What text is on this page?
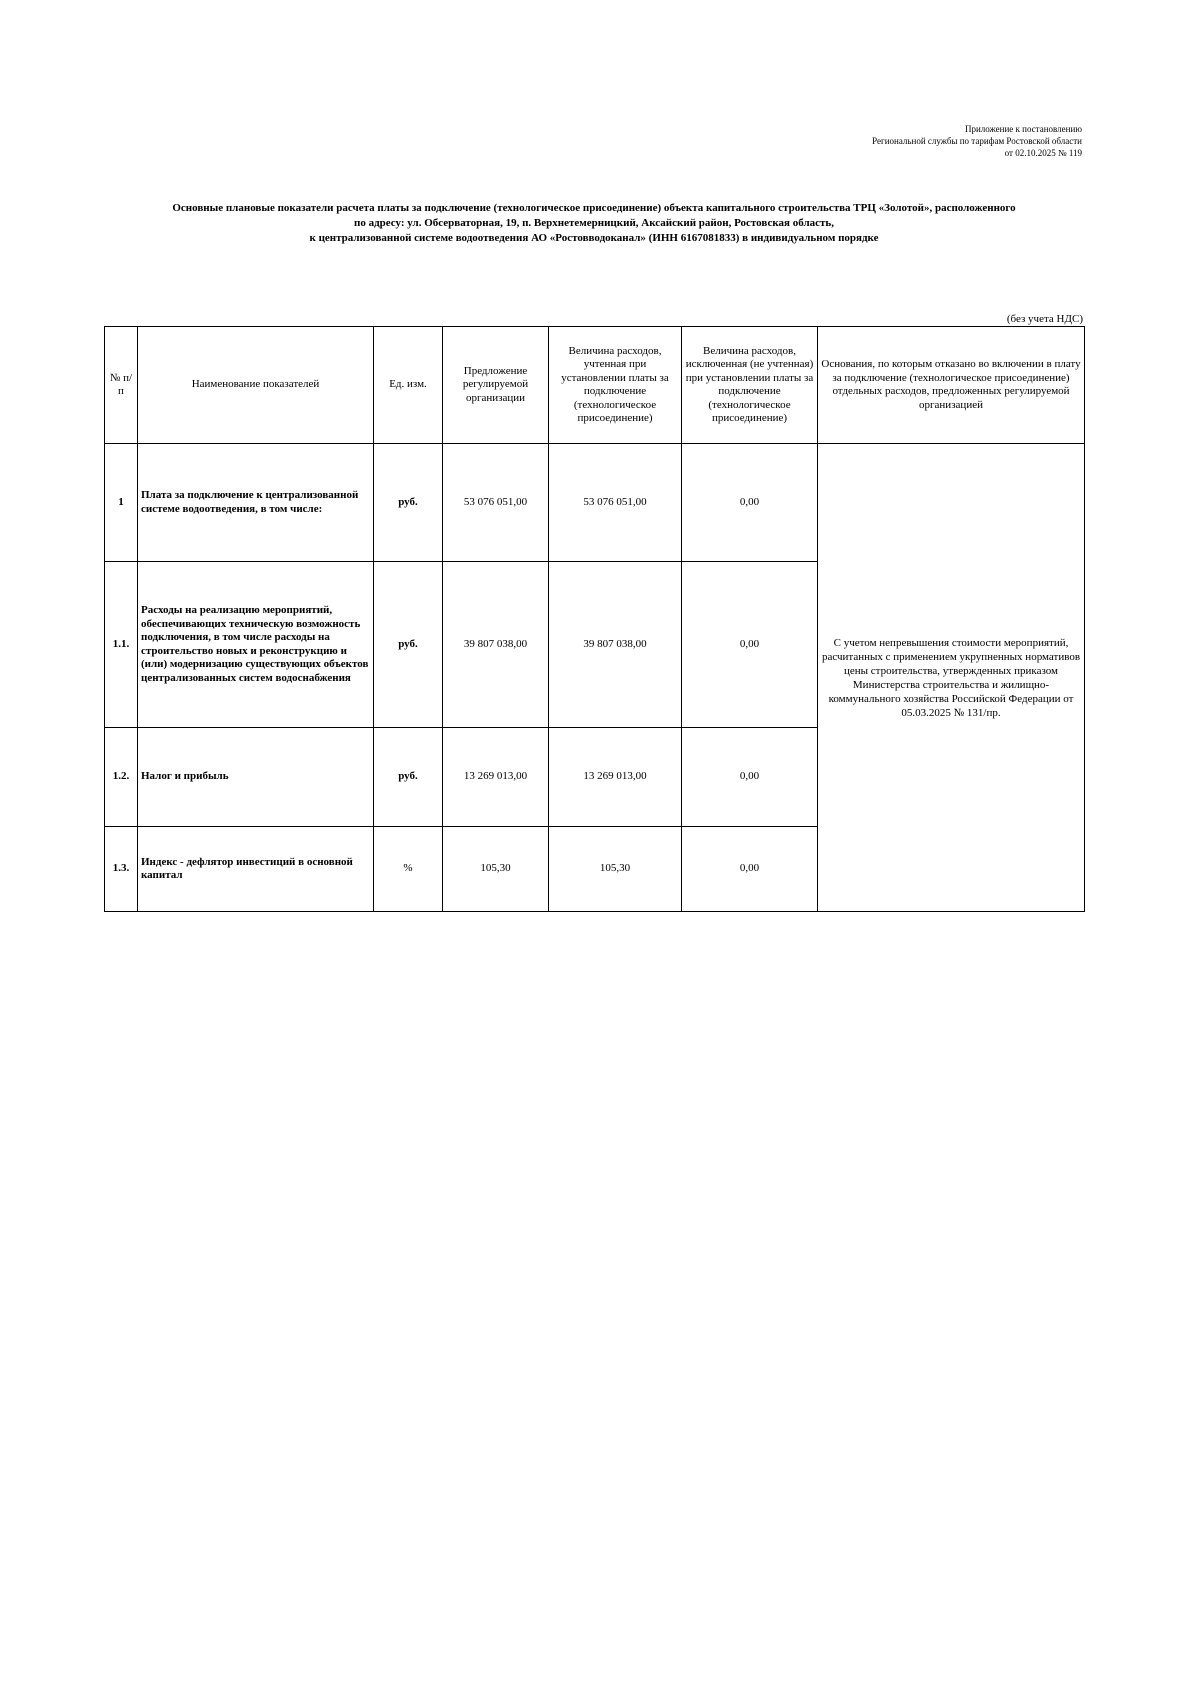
Приложение к постановлению
Региональной службы по тарифам Ростовской области
от 02.10.2025 № 119
Основные плановые показатели расчета платы за подключение (технологическое присоединение) объекта капитального строительства ТРЦ «Золотой», расположенного
по адресу: ул. Обсерваторная, 19, п. Верхнетемерницкий, Аксайский район, Ростовская область,
к централизованной системе водоотведения АО «Ростовводоканал» (ИНН 6167081833) в индивидуальном порядке
(без учета НДС)
№ п/п	Наименование показателей	Ед. изм.	Предложение регулируемой организации	Величина расходов, учтенная при установлении платы за подключение (технологическое присоединение)	Величина расходов, исключенная (не учтенная) при установлении платы за подключение (технологическое присоединение)	Основания, по которым отказано во включении в плату за подключение (технологическое присоединение) отдельных расходов, предложенных регулируемой организацией
1	Плата за подключение к централизованной системе водоотведения, в том числе:	руб.	53 076 051,00	53 076 051,00	0,00	С учетом непревышения стоимости мероприятий, расчитанных с применением укрупненных нормативов цены строительства, утвержденных приказом Министерства строительства и жилищно-коммунального хозяйства Российской Федерации от 05.03.2025 № 131/пр.
1.1.	Расходы на реализацию мероприятий, обеспечивающих техническую возможность подключения, в том числе расходы на строительство новых и реконструкцию и (или) модернизацию существующих объектов централизованных систем водоснабжения	руб.	39 807 038,00	39 807 038,00	0,00	
1.2.	Налог и прибыль	руб.	13 269 013,00	13 269 013,00	0,00	
1.3.	Индекс - дефлятор инвестиций в основной капитал	%	105,30	105,30	0,00	
